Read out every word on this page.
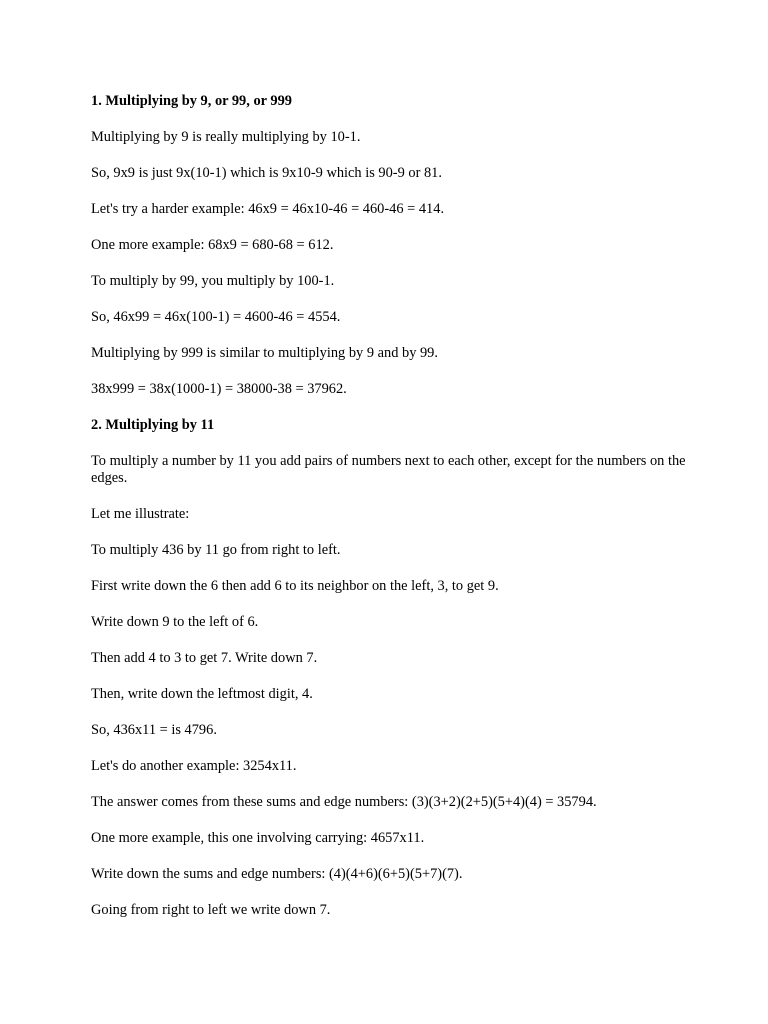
1. Multiplying by 9, or 99, or 999

Multiplying by 9 is really multiplying by 10-1.

So, 9x9 is just 9x(10-1) which is 9x10-9 which is 90-9 or 81.

Let's try a harder example: 46x9 = 46x10-46 = 460-46 = 414.

One more example: 68x9 = 680-68 = 612.

To multiply by 99, you multiply by 100-1.

So, 46x99 = 46x(100-1) = 4600-46 = 4554.

Multiplying by 999 is similar to multiplying by 9 and by 99.

38x999 = 38x(1000-1) = 38000-38 = 37962.

2. Multiplying by 11

To multiply a number by 11 you add pairs of numbers next to each other, except for the numbers on the edges.

Let me illustrate:

To multiply 436 by 11 go from right to left.

First write down the 6 then add 6 to its neighbor on the left, 3, to get 9.

Write down 9 to the left of 6.

Then add 4 to 3 to get 7. Write down 7.

Then, write down the leftmost digit, 4.

So, 436x11 = is 4796.

Let's do another example: 3254x11.

The answer comes from these sums and edge numbers: (3)(3+2)(2+5)(5+4)(4) = 35794.

One more example, this one involving carrying: 4657x11.

Write down the sums and edge numbers: (4)(4+6)(6+5)(5+7)(7).

Going from right to left we write down 7.
